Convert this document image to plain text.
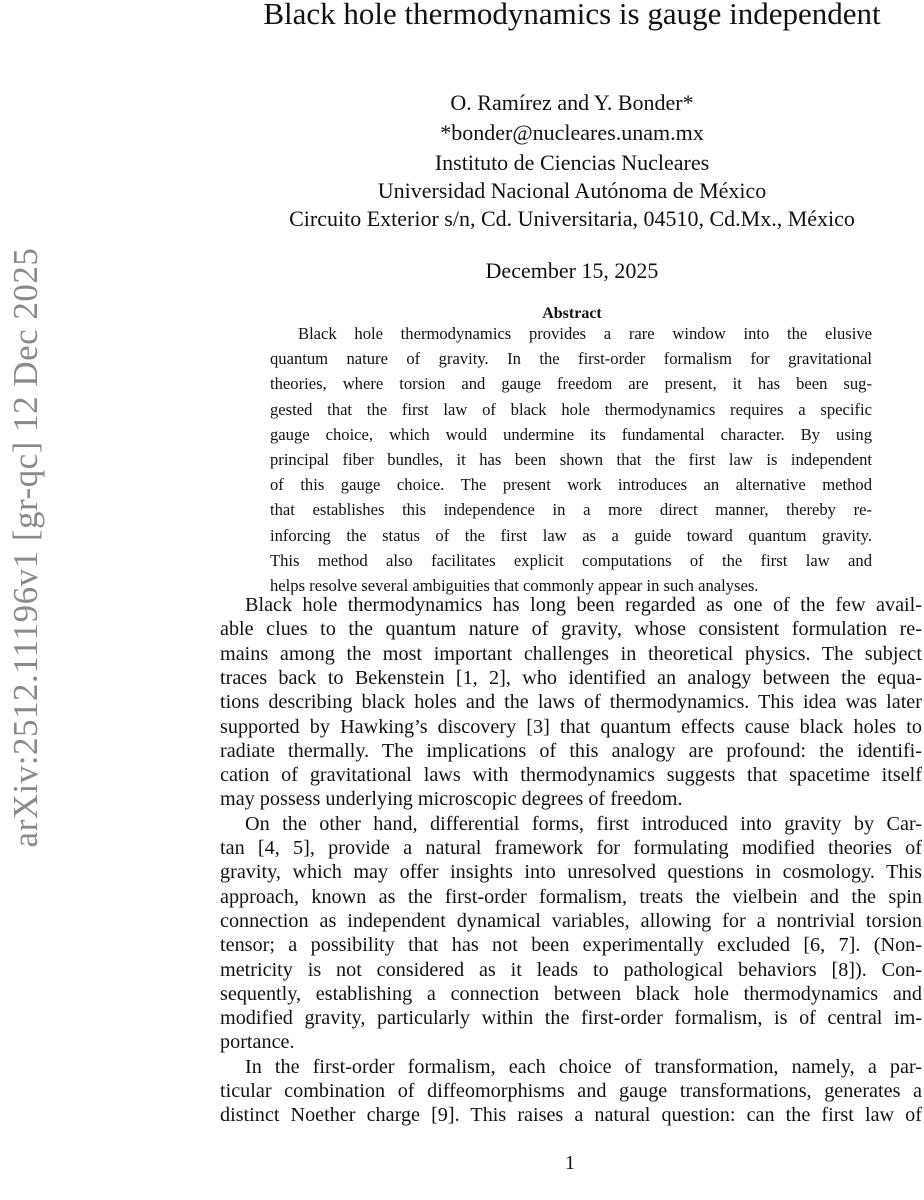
arXiv:2512.11196v1 [gr-qc] 12 Dec 2025
Black hole thermodynamics is gauge independent
O. Ramírez and Y. Bonder*
*bonder@nucleares.unam.mx
Instituto de Ciencias Nucleares
Universidad Nacional Autónoma de México
Circuito Exterior s/n, Cd. Universitaria, 04510, Cd.Mx., México
December 15, 2025
Abstract
Black hole thermodynamics provides a rare window into the elusive
quantum nature of gravity. In the first-order formalism for gravitational
theories, where torsion and gauge freedom are present, it has been sug-
gested that the first law of black hole thermodynamics requires a specific
gauge choice, which would undermine its fundamental character. By using
principal fiber bundles, it has been shown that the first law is independent
of this gauge choice. The present work introduces an alternative method
that establishes this independence in a more direct manner, thereby re-
inforcing the status of the first law as a guide toward quantum gravity.
This method also facilitates explicit computations of the first law and
helps resolve several ambiguities that commonly appear in such analyses.
Black hole thermodynamics has long been regarded as one of the few avail-
able clues to the quantum nature of gravity, whose consistent formulation re-
mains among the most important challenges in theoretical physics. The subject
traces back to Bekenstein [1, 2], who identified an analogy between the equa-
tions describing black holes and the laws of thermodynamics. This idea was later
supported by Hawking’s discovery [3] that quantum effects cause black holes to
radiate thermally. The implications of this analogy are profound: the identifi-
cation of gravitational laws with thermodynamics suggests that spacetime itself
may possess underlying microscopic degrees of freedom.
On the other hand, differential forms, first introduced into gravity by Car-
tan [4, 5], provide a natural framework for formulating modified theories of
gravity, which may offer insights into unresolved questions in cosmology. This
approach, known as the first-order formalism, treats the vielbein and the spin
connection as independent dynamical variables, allowing for a nontrivial torsion
tensor; a possibility that has not been experimentally excluded [6, 7]. (Non-
metricity is not considered as it leads to pathological behaviors [8]). Con-
sequently, establishing a connection between black hole thermodynamics and
modified gravity, particularly within the first-order formalism, is of central im-
portance.
In the first-order formalism, each choice of transformation, namely, a par-
ticular combination of diffeomorphisms and gauge transformations, generates a
distinct Noether charge [9]. This raises a natural question: can the first law of
1
